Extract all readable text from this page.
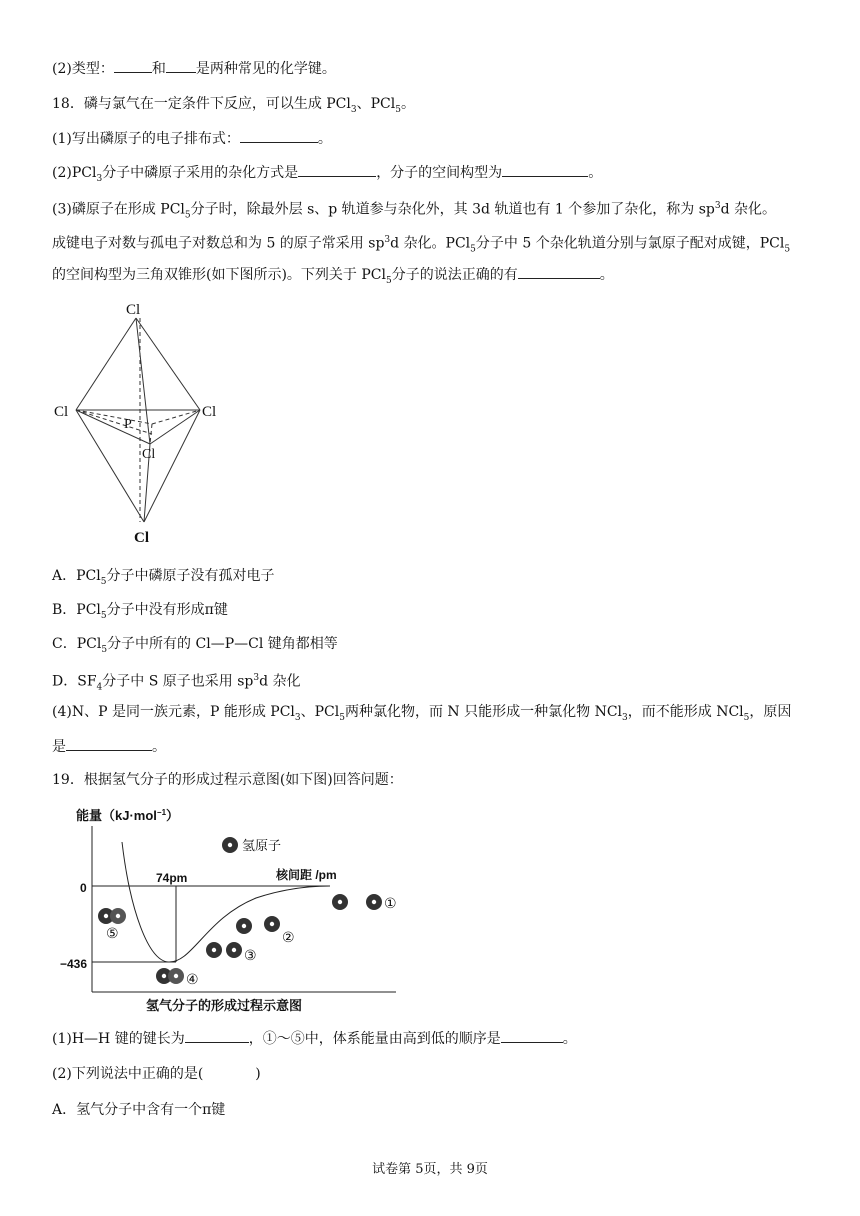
(2)类型：	和 是两种常见的化学键。
18．磷与氯气在一定条件下反应，可以生成 PCl$_3$、PCl$_5$。
(1)写出磷原子的电子排布式：	。
(2)PCl$_3$分子中磷原子采用的杂化方式是	，分子的空间构型为	。
(3)磷原子在形成 PCl$_5$分子时，除最外层 s、p 轨道参与杂化外，其 3d 轨道也有 1 个参加了杂化，称为 $sp^3d$ 杂化。
成键电子对数与孤电子对数总和为 5 的原子常采用 $sp^3d$ 杂化。PCl$_5$分子中 5 个杂化轨道分别与氯原子配对成键，PCl$_5$
的空间构型为三角双锥形(如下图所示)。下列关于 PCl$_5$分子的说法正确的有	。
Cl
Cl	Cl
Cl
Cl
P
A．PCl$_5$分子中磷原子没有孤对电子
B．PCl$_5$分子中没有形成π键
C．PCl$_5$分子中所有的 Cl—P—Cl 键角都相等
D．$SF_4$分子中 S 原子也采用 $sp^3d$ 杂化
(4)N、P 是同一族元素，P 能形成 PCl$_3$、PCl$_5$两种氯化物，而 N 只能形成一种氯化物 NCl$_3$，而不能形成 NCl$_5$，原因
是	。
19．根据氢气分子的形成过程示意图(如下图)回答问题：
能量（kJ·mol$^{-1}$）
氢原子
核间距 /pm
74pm
0
−436
氢气分子的形成过程示意图
①
②
③
④
⑤
(1)H—H 键的键长为	，①～⑤中，体系能量由高到低的顺序是	。
(2)下列说法中正确的是(	)
A．氢气分子中含有一个π键
试卷第 5页，共 9页
